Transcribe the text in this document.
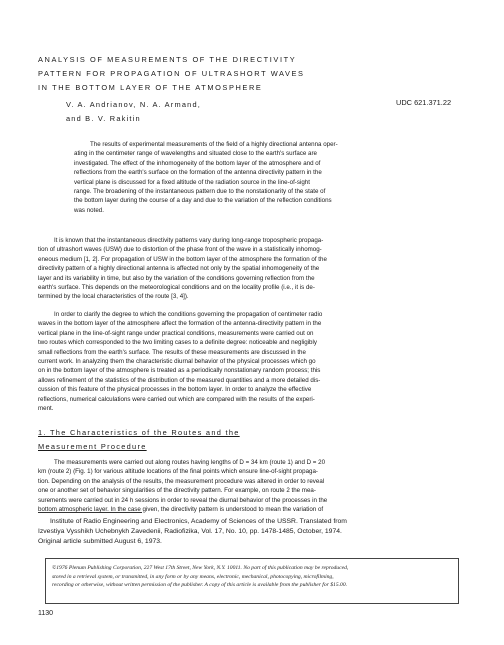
ANALYSIS OF MEASUREMENTS OF THE DIRECTIVITY
PATTERN FOR PROPAGATION OF ULTRASHORT WAVES
IN THE BOTTOM LAYER OF THE ATMOSPHERE
V. A. Andrianov, N. A. Armand,
and B. V. Rakitin
UDC 621.371.22
The results of experimental measurements of the field of a highly directional antenna oper-
ating in the centimeter range of wavelengths and situated close to the earth's surface are
investigated. The effect of the inhomogeneity of the bottom layer of the atmosphere and of
reflections from the earth's surface on the formation of the antenna directivity pattern in the
vertical plane is discussed for a fixed altitude of the radiation source in the line-of-sight
range. The broadening of the instantaneous pattern due to the nonstationarity of the state of
the bottom layer during the course of a day and due to the variation of the reflection conditions
was noted.
It is known that the instantaneous directivity patterns vary during long-range tropospheric propaga-
tion of ultrashort waves (USW) due to distortion of the phase front of the wave in a statistically inhomog-
eneous medium [1, 2]. For propagation of USW in the bottom layer of the atmosphere the formation of the
directivity pattern of a highly directional antenna is affected not only by the spatial inhomogeneity of the
layer and its variability in time, but also by the variation of the conditions governing reflection from the
earth's surface. This depends on the meteorological conditions and on the locality profile (i.e., it is de-
termined by the local characteristics of the route [3, 4]).
In order to clarify the degree to which the conditions governing the propagation of centimeter radio
waves in the bottom layer of the atmosphere affect the formation of the antenna-directivity pattern in the
vertical plane in the line-of-sight range under practical conditions, measurements were carried out on
two routes which corresponded to the two limiting cases to a definite degree: noticeable and negligibly
small reflections from the earth's surface. The results of these measurements are discussed in the
current work. In analyzing them the characteristic diurnal behavior of the physical processes which go
on in the bottom layer of the atmosphere is treated as a periodically nonstationary random process; this
allows refinement of the statistics of the distribution of the measured quantities and a more detailed dis-
cussion of this feature of the physical processes in the bottom layer. In order to analyze the effective
reflections, numerical calculations were carried out which are compared with the results of the experi-
ment.
1. The Characteristics of the Routes and the
Measurement Procedure
The measurements were carried out along routes having lengths of D = 34 km (route 1) and D = 20
km (route 2) (Fig. 1) for various altitude locations of the final points which ensure line-of-sight propaga-
tion. Depending on the analysis of the results, the measurement procedure was altered in order to reveal
one or another set of behavior singularities of the directivity pattern. For example, on route 2 the mea-
surements were carried out in 24 h sessions in order to reveal the diurnal behavior of the processes in the
bottom atmospheric layer. In the case given, the directivity pattern is understood to mean the variation of
Institute of Radio Engineering and Electronics, Academy of Sciences of the USSR. Translated from
Izvestiya Vysshikh Uchebnykh Zavedenii, Radiofizika, Vol. 17, No. 10, pp. 1478-1485, October, 1974.
Original article submitted August 6, 1973.
©1976 Plenum Publishing Corporation, 227 West 17th Street, New York, N.Y. 10011. No part of this publication may be reproduced,
stored in a retrieval system, or transmitted, in any form or by any means, electronic, mechanical, photocopying, microfilming,
recording or otherwise, without written permission of the publisher. A copy of this article is available from the publisher for $15.00.
1130
